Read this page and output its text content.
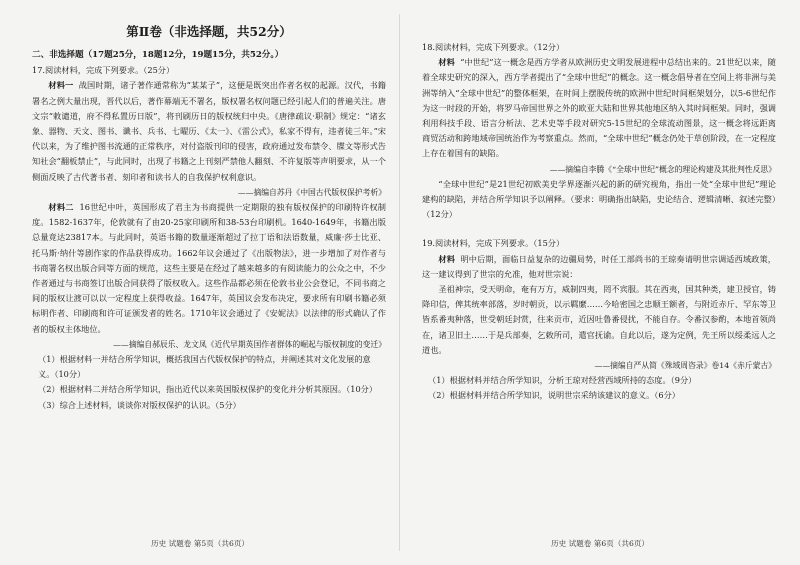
第Ⅱ卷（非选择题，共52分）

二、非选择题（17题25分，18题12分，19题15分，共52分。）

17.阅读材料，完成下列要求。（25分）

材料一 战国时期，诸子著作通常称为“某某子”，这便是既突出作者名权的起源。汉代，书籍署名之例大量出现，晋代以后，著作幕端无不署名，版权署名权问题已经引起人们的普遍关注。唐文宗“敕谴道，府不得私置历日版”，将刊刷历日的版权统归中央。《唐律疏议·职制》规定：“诸玄象、器物、天文、图书、谶书、兵书、七曜历、《太一》、《雷公式》，私家不得有，违者徒三年。”宋代以来，为了维护图书流通的正常秩序，对付盗版刊印的侵害，政府通过发布禁令、牒文等形式告知社会“翻板禁止”，与此同时，出现了书籍之上刊刻严禁他人翻刻、不许复版等声明要求，从一个侧面反映了古代著书者、刻印者和读书人的自我保护权利意识。

——摘编自苏丹《中国古代版权保护考析》

材料二 16世纪中叶，英国形成了君主为书商提供一定期限的独有版权保护的印刷特许权制度。1582-1637年，伦敦就有了由20-25家印刷所和38-53台印刷机。1640-1649年，书籍出版总量竟达23817本。与此同时，英语书籍的数量逐渐超过了拉丁语和法语数量，威廉·莎士比亚、托马斯·纳什等剧作家的作品获得成功。1662年议会通过了《出版物法》，进一步增加了对作者与书商署名权出版合同等方面的规范，这些主要是在经过了越来越多的有阅读能力的公众之中，不少作者通过与书商签订出版合同获得了版权收入。这些作品都必须在伦敦书业公会登记，不同书商之间的版权让渡可以以一定程度上获得收益。1647年，英国议会发布决定，要求所有印刷书籍必须标明作者、印刷商和许可证颁发者的姓名。1710年议会通过了《安妮法》以法律的形式确认了作者的版权主体地位。

——摘编自郝辰乐、龙文凤《近代早期英国作者群体的崛起与版权制度的变迁》

（1）根据材料一并结合所学知识，概括我国古代版权保护的特点，并阐述其对文化发展的意义。（10分）

（2）根据材料二并结合所学知识，指出近代以来英国版权保护的变化并分析其原因。（10分）

（3）综合上述材料，谈谈你对版权保护的认识。（5分）

历史 试题卷 第5页（共6页）

18.阅读材料，完成下列要求。（12分）

材料 “中世纪”这一概念是西方学者从欧洲历史文明发展进程中总结出来的。21世纪以来，随着全球史研究的深入，西方学者提出了“全球中世纪”的概念。这一概念倡导者在空间上将非洲与美洲等纳入“全球中世纪”的整体框架，在时间上摆脱传统的欧洲中世纪时间框架划分，以5-6世纪作为这一时段的开始，将罗马帝国世界之外的欧亚大陆和世界其他地区纳入其时间框架。同时，强调利用科技手段、语言分析法、艺术史等手段对研究5-15世纪的全球流动图景，这一概念将远距离商贸活动和跨地域帝国统治作为考察重点。然而，“全球中世纪”概念仍处于草创阶段，在一定程度上存在着国有的缺陷。

——摘编自李腾《“全球中世纪”概念的理论构建及其批判性反思》

“全球中世纪”是21世纪初欧美史学界逐渐兴起的新的研究视角，指出一处“全球中世纪”理论建构的缺陷，并结合所学知识予以阐释。（要求：明确指出缺陷，史论结合、逻辑清晰、叙述完整）（12分）

19.阅读材料，完成下列要求。（15分）

材料 明中后期，面临日益复杂的边疆局势，时任工部尚书的王琼奏请明世宗调适西域政策，这一建议得到了世宗的允准，他对世宗说：

圣祖神宗，受天明命，奄有万方，威制四夷，罔不宾服。其在西夷，国其种类，建卫授官，铸降印信，俾其统率部落，岁时朝贡，以示羁縻……今哈密国之忠顺王额者，与附近赤斤、罕东等卫皆系番夷种落，世受朝廷封赏，往来贡市，近因吐鲁番侵扰，不能自存。令番汉参酌，本地首领尚在，诸卫旧土……于是兵部奏，乞敕所司，遣官抚谕。自此以后，遂为定例，先王所以绥柔远人之道也。

——摘编自严从简《殊域周咨录》卷14《赤斤蒙古》

（1）根据材料并结合所学知识，分析王琼对经营西域所持的态度。（9分）

（2）根据材料并结合所学知识，说明世宗采纳该建议的意义。（6分）

历史 试题卷 第6页（共6页）
